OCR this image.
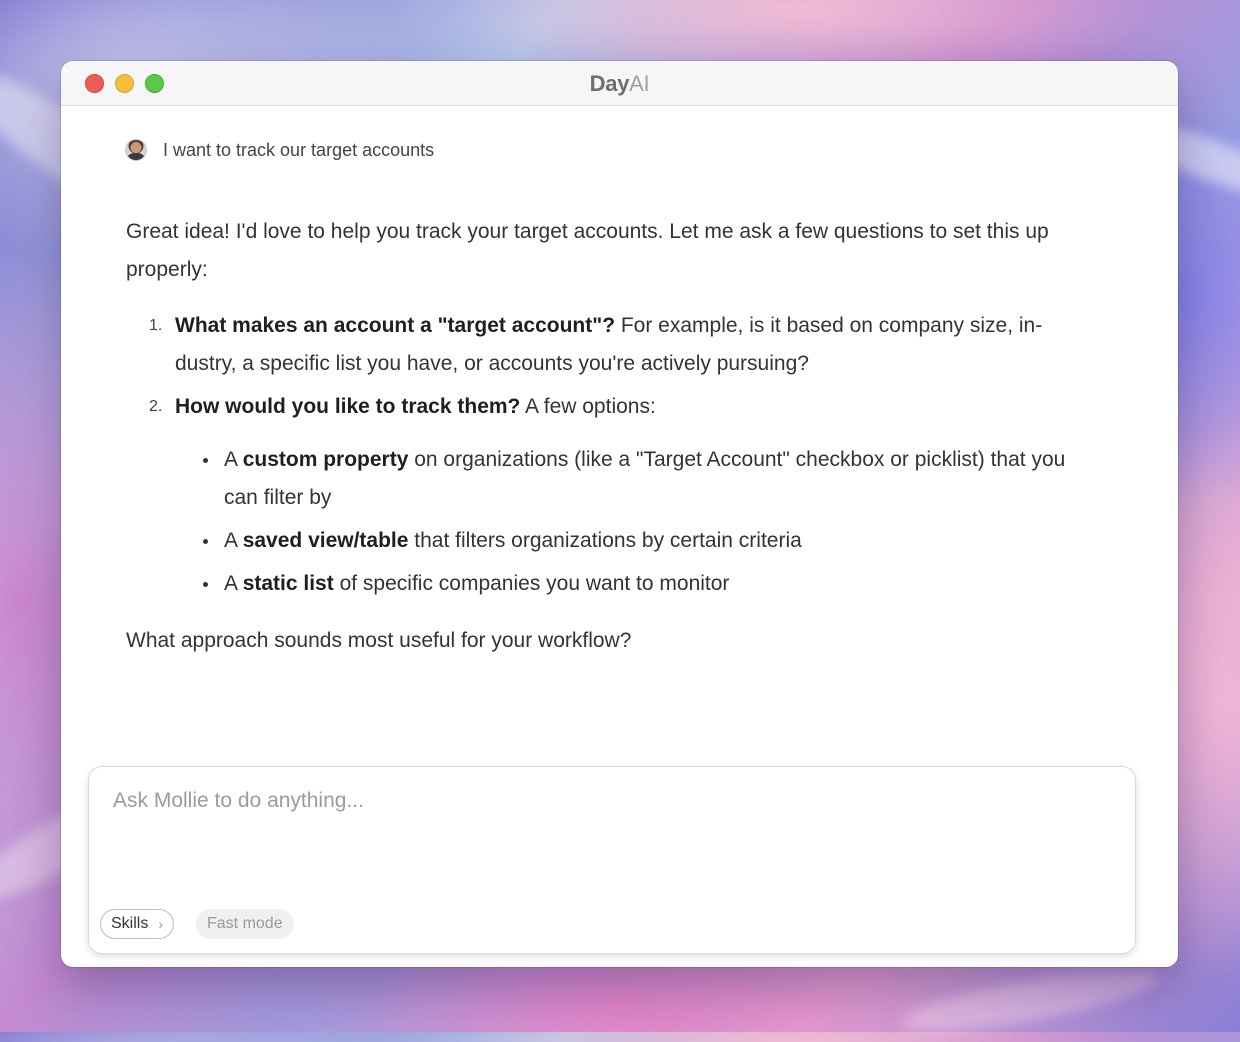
DayAI
I want to track our target accounts

Great idea! I'd love to help you track your target accounts. Let me ask a few questions to set this up properly:

1. What makes an account a "target account"? For example, is it based on company size, industry, a specific list you have, or accounts you're actively pursuing?
2. How would you like to track them? A few options:
A custom property on organizations (like a "Target Account" checkbox or picklist) that you can filter by
A saved view/table that filters organizations by certain criteria
A static list of specific companies you want to monitor

What approach sounds most useful for your workflow?

Ask Mollie to do anything...
Skills ›	Fast mode
